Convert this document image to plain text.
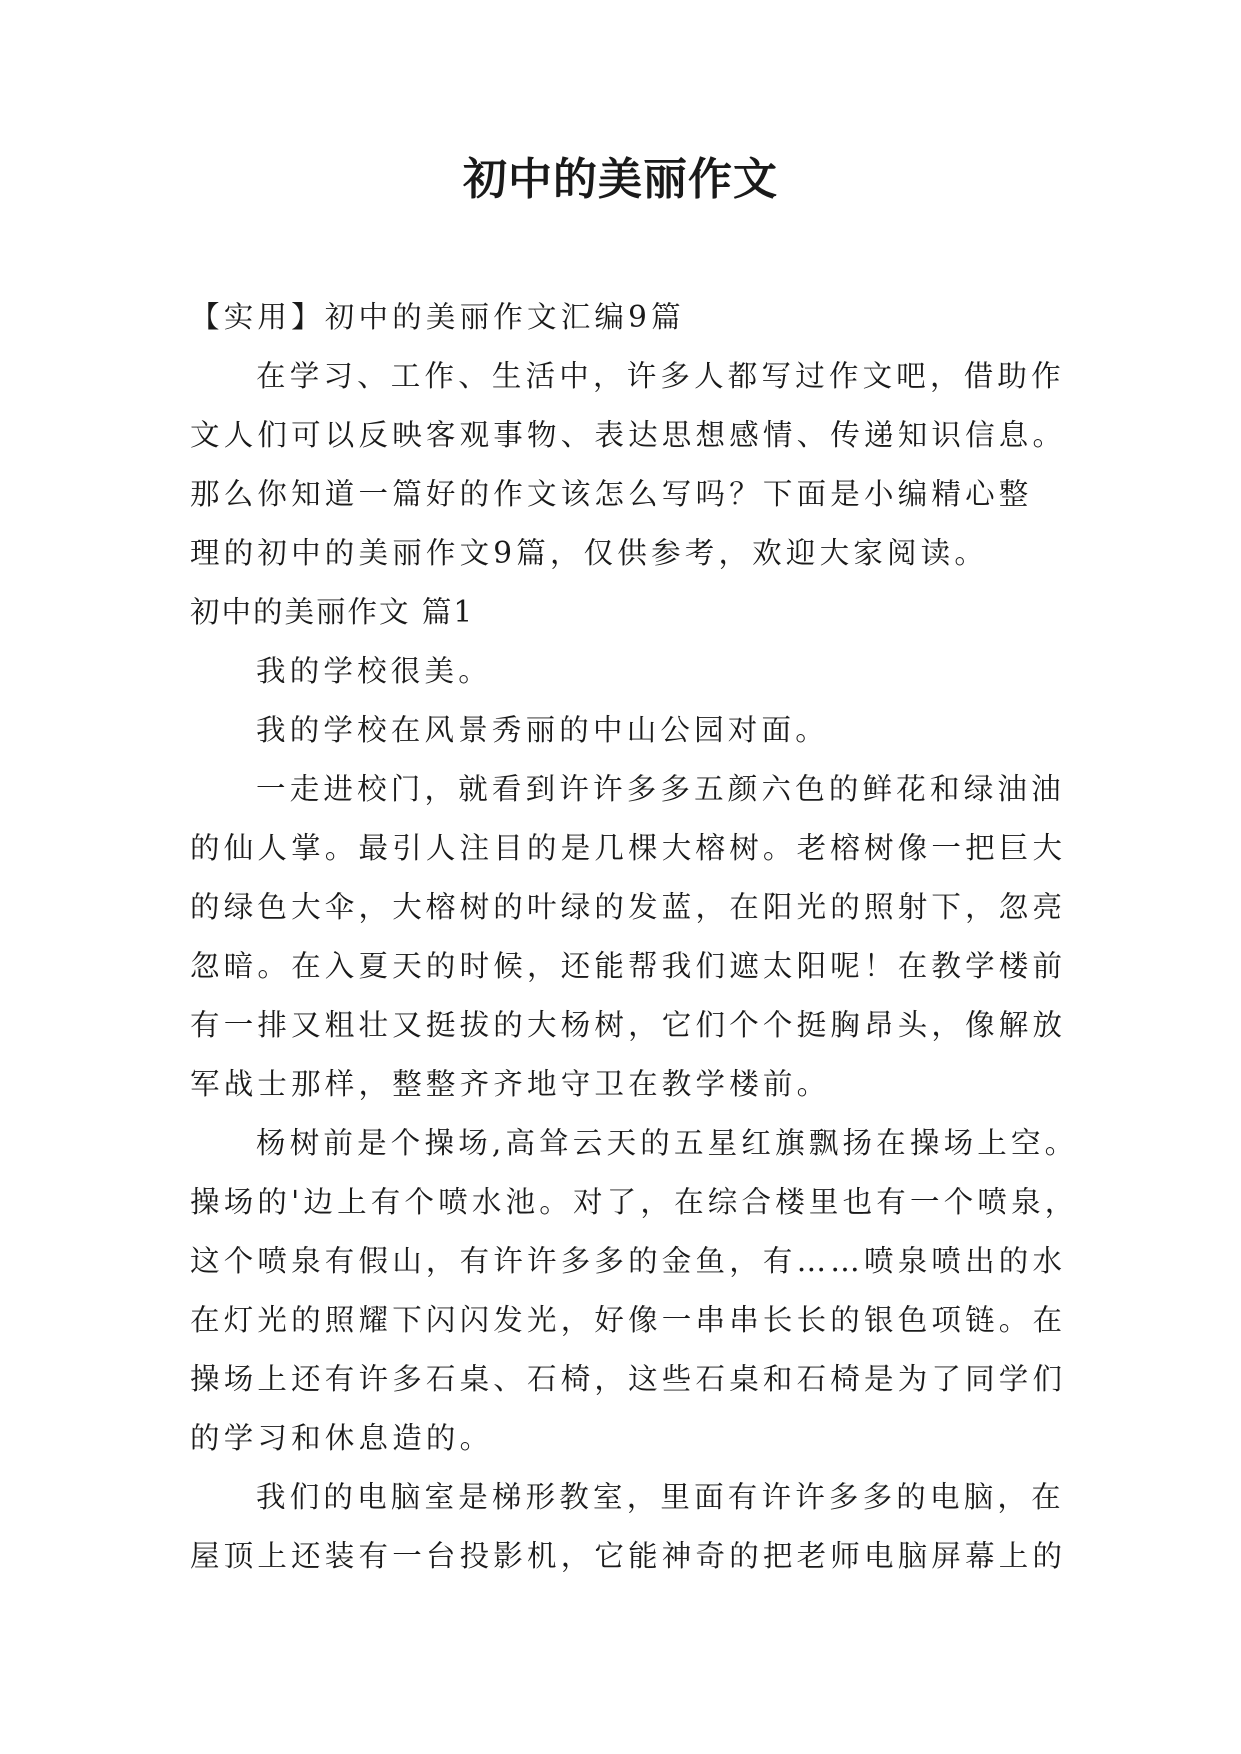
初中的美丽作文
【实用】初中的美丽作文汇编9篇
在学习、工作、生活中，许多人都写过作文吧，借助作
文人们可以反映客观事物、表达思想感情、传递知识信息。
那么你知道一篇好的作文该怎么写吗？下面是小编精心整
理的初中的美丽作文9篇，仅供参考，欢迎大家阅读。
初中的美丽作文 篇1
我的学校很美。
我的学校在风景秀丽的中山公园对面。
一走进校门，就看到许许多多五颜六色的鲜花和绿油油
的仙人掌。最引人注目的是几棵大榕树。老榕树像一把巨大
的绿色大伞，大榕树的叶绿的发蓝，在阳光的照射下，忽亮
忽暗。在入夏天的时候，还能帮我们遮太阳呢！在教学楼前
有一排又粗壮又挺拔的大杨树，它们个个挺胸昂头，像解放
军战士那样，整整齐齐地守卫在教学楼前。
杨树前是个操场,高耸云天的五星红旗飘扬在操场上空。
操场的'边上有个喷水池。对了，在综合楼里也有一个喷泉，
这个喷泉有假山，有许许多多的金鱼，有……喷泉喷出的水
在灯光的照耀下闪闪发光，好像一串串长长的银色项链。在
操场上还有许多石桌、石椅，这些石桌和石椅是为了同学们
的学习和休息造的。
我们的电脑室是梯形教室，里面有许许多多的电脑，在
屋顶上还装有一台投影机，它能神奇的把老师电脑屏幕上的
